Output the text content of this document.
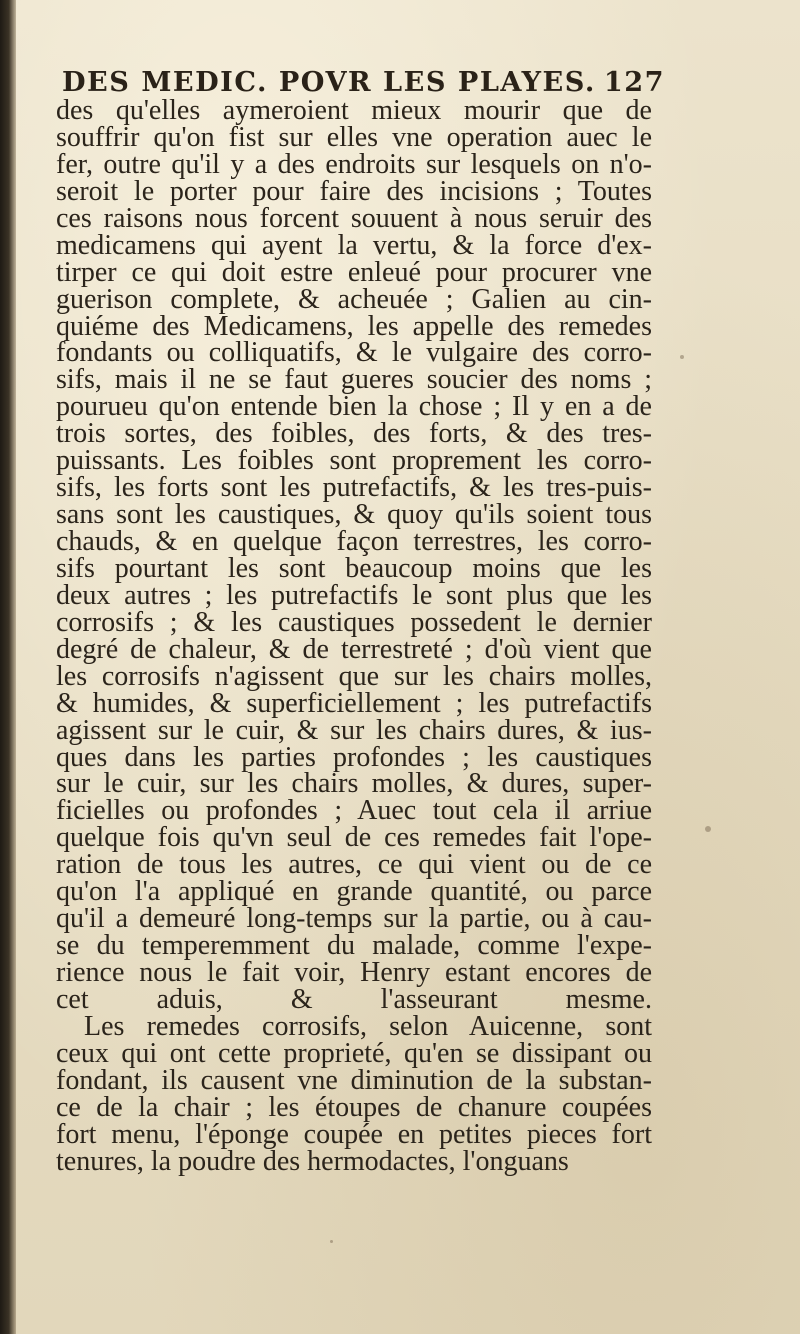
DES MEDIC. POVR LES PLAYES. 127
des qu'elles aymeroient mieux mourir que de
souffrir qu'on fist sur elles vne operation auec le
fer, outre qu'il y a des endroits sur lesquels on n'o-
seroit le porter pour faire des incisions ; Toutes
ces raisons nous forcent souuent à nous seruir des
medicamens qui ayent la vertu, & la force d'ex-
tirper ce qui doit estre enleué pour procurer vne
guerison complete, & acheuée ; Galien au cin-
quiéme des Medicamens, les appelle des remedes
fondants ou colliquatifs, & le vulgaire des corro-
sifs, mais il ne se faut gueres soucier des noms ;
pourueu qu'on entende bien la chose ; Il y en a de
trois sortes, des foibles, des forts, & des tres-
puissants. Les foibles sont proprement les corro-
sifs, les forts sont les putrefactifs, & les tres-puis-
sans sont les caustiques, & quoy qu'ils soient tous
chauds, & en quelque façon terrestres, les corro-
sifs pourtant les sont beaucoup moins que les
deux autres ; les putrefactifs le sont plus que les
corrosifs ; & les caustiques possedent le dernier
degré de chaleur, & de terrestreté ; d'où vient que
les corrosifs n'agissent que sur les chairs molles,
& humides, & superficiellement ; les putrefactifs
agissent sur le cuir, & sur les chairs dures, & ius-
ques dans les parties profondes ; les caustiques
sur le cuir, sur les chairs molles, & dures, super-
ficielles ou profondes ; Auec tout cela il arriue
quelque fois qu'vn seul de ces remedes fait l'ope-
ration de tous les autres, ce qui vient ou de ce
qu'on l'a appliqué en grande quantité, ou parce
qu'il a demeuré long-temps sur la partie, ou à cau-
se du temperemment du malade, comme l'expe-
rience nous le fait voir, Henry estant encores de
cet aduis, & l'asseurant mesme.
Les remedes corrosifs, selon Auicenne, sont
ceux qui ont cette proprieté, qu'en se dissipant ou
fondant, ils causent vne diminution de la substan-
ce de la chair ; les étoupes de chanure coupées
fort menu, l'éponge coupée en petites pieces fort
tenures, la poudre des hermodactes, l'onguans
